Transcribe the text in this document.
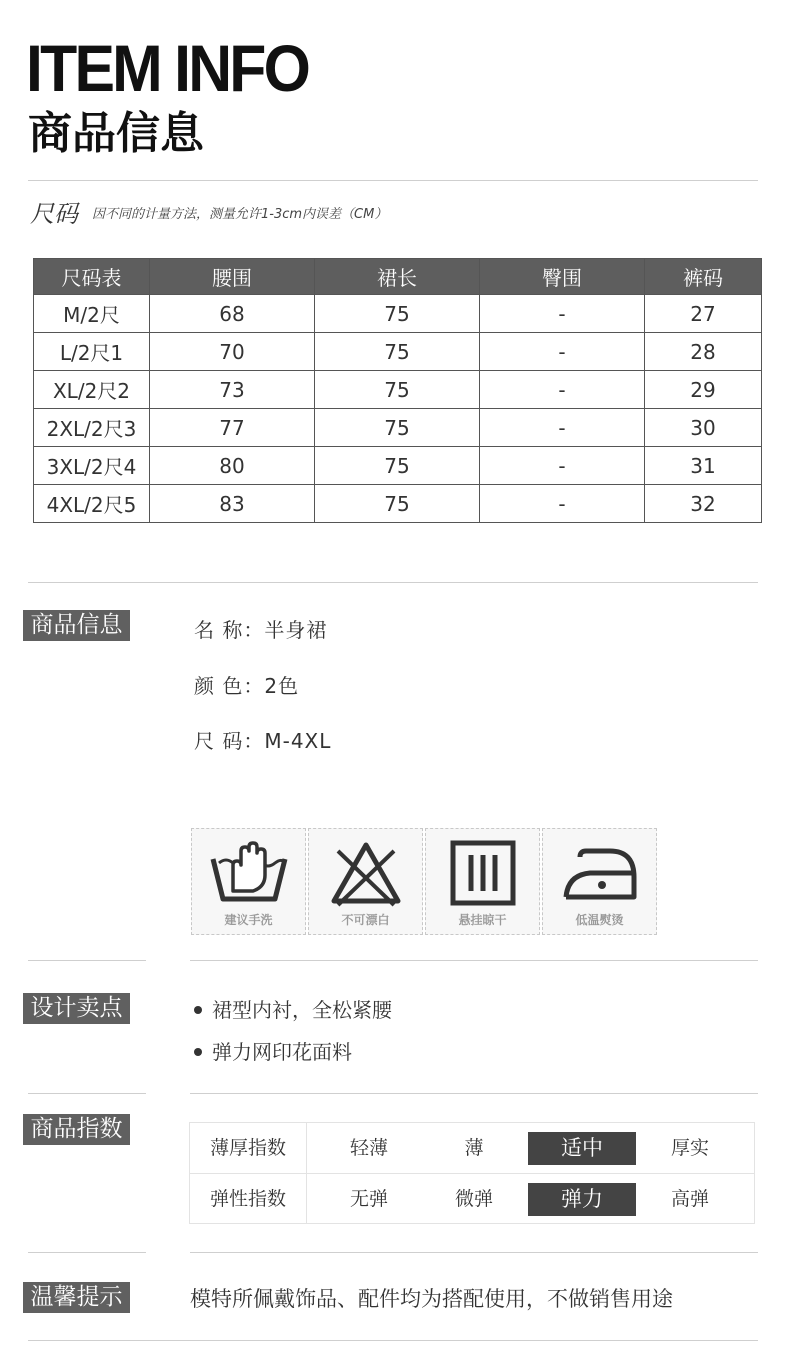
ITEM INFO
商品信息
尺码 因不同的计量方法，测量允许1-3cm内误差（CM）
尺码表	腰围	裙长	臀围	裤码
M/2尺	68	75	-	27
L/2尺1	70	75	-	28
XL/2尺2	73	75	-	29
2XL/2尺3	77	75	-	30
3XL/2尺4	80	75	-	31
4XL/2尺5	83	75	-	32
商品信息	名 称：半身裙
颜 色：2色
尺 码：M-4XL
建议手洗	不可漂白	悬挂晾干	低温熨烫
设计卖点	裙型内衬，全松紧腰
弹力网印花面料
商品指数
薄厚指数	轻薄	薄	适中	厚实
弹性指数	无弹	微弹	弹力	高弹
温馨提示	模特所佩戴饰品、配件均为搭配使用，不做销售用途
